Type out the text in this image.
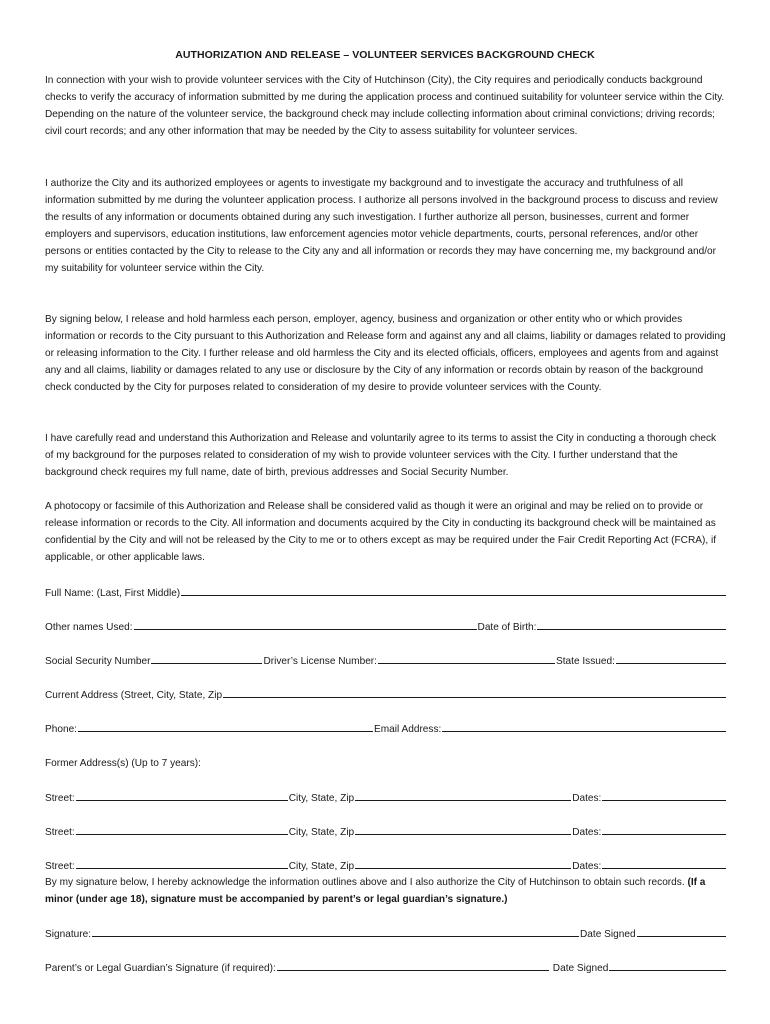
AUTHORIZATION AND RELEASE – VOLUNTEER SERVICES BACKGROUND CHECK

In connection with your wish to provide volunteer services with the City of Hutchinson (City), the City requires and periodically conducts background checks to verify the accuracy of information submitted by me during the application process and continued suitability for volunteer service within the City. Depending on the nature of the volunteer service, the background check may include collecting information about criminal convictions; driving records; civil court records; and any other information that may be needed by the City to assess suitability for volunteer services.

I authorize the City and its authorized employees or agents to investigate my background and to investigate the accuracy and truthfulness of all information submitted by me during the volunteer application process. I authorize all persons involved in the background process to discuss and review the results of any information or documents obtained during any such investigation. I further authorize all person, businesses, current and former employers and supervisors, education institutions, law enforcement agencies motor vehicle departments, courts, personal references, and/or other persons or entities contacted by the City to release to the City any and all information or records they may have concerning me, my background and/or my suitability for volunteer service within the City.

By signing below, I release and hold harmless each person, employer, agency, business and organization or other entity who or which provides information or records to the City pursuant to this Authorization and Release form and against any and all claims, liability or damages related to providing or releasing information to the City. I further release and old harmless the City and its elected officials, officers, employees and agents from and against any and all claims, liability or damages related to any use or disclosure by the City of any information or records obtain by reason of the background check conducted by the City for purposes related to consideration of my desire to provide volunteer services with the County.

I have carefully read and understand this Authorization and Release and voluntarily agree to its terms to assist the City in conducting a thorough check of my background for the purposes related to consideration of my wish to provide volunteer services with the City. I further understand that the background check requires my full name, date of birth, previous addresses and Social Security Number.

A photocopy or facsimile of this Authorization and Release shall be considered valid as though it were an original and may be relied on to provide or release information or records to the City. All information and documents acquired by the City in conducting its background check will be maintained as confidential by the City and will not be released by the City to me or to others except as may be required under the Fair Credit Reporting Act (FCRA), if applicable, or other applicable laws.

Full Name: (Last, First Middle)
Other names Used:	Date of Birth:
Social Security Number	Driver’s License Number:	State Issued:
Current Address (Street, City, State, Zip
Phone:	Email Address:
Former Address(s) (Up to 7 years):
Street:	City, State, Zip	Dates:
Street:	City, State, Zip	Dates:
Street:	City, State, Zip	Dates:

By my signature below, I hereby acknowledge the information outlines above and I also authorize the City of Hutchinson to obtain such records. (If a minor (under age 18), signature must be accompanied by parent’s or legal guardian’s signature.)

Signature:	Date Signed
Parent’s or Legal Guardian’s Signature (if required):	Date Signed
